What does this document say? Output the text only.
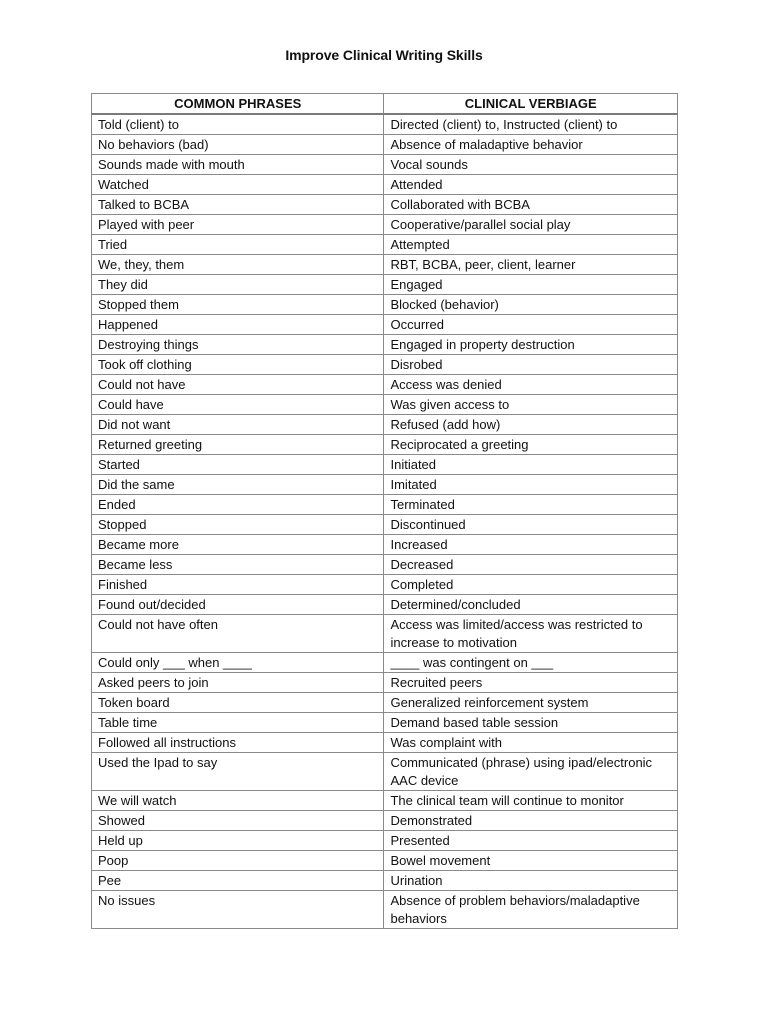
Improve Clinical Writing Skills
COMMON PHRASES	CLINICAL VERBIAGE
Told (client) to	Directed (client) to, Instructed (client) to
No behaviors (bad)	Absence of maladaptive behavior
Sounds made with mouth	Vocal sounds
Watched	Attended
Talked to BCBA	Collaborated with BCBA
Played with peer	Cooperative/parallel social play
Tried	Attempted
We, they, them	RBT, BCBA, peer, client, learner
They did	Engaged
Stopped them	Blocked (behavior)
Happened	Occurred
Destroying things	Engaged in property destruction
Took off clothing	Disrobed
Could not have	Access was denied
Could have	Was given access to
Did not want	Refused (add how)
Returned greeting	Reciprocated a greeting
Started	Initiated
Did the same	Imitated
Ended	Terminated
Stopped	Discontinued
Became more	Increased
Became less	Decreased
Finished	Completed
Found out/decided	Determined/concluded
Could not have often	Access was limited/access was restricted to increase to motivation
Could only ___ when ____	____ was contingent on ___
Asked peers to join	Recruited peers
Token board	Generalized reinforcement system
Table time	Demand based table session
Followed all instructions	Was complaint with
Used the Ipad to say	Communicated (phrase) using ipad/electronic AAC device
We will watch	The clinical team will continue to monitor
Showed	Demonstrated
Held up	Presented
Poop	Bowel movement
Pee	Urination
No issues	Absence of problem behaviors/maladaptive behaviors
